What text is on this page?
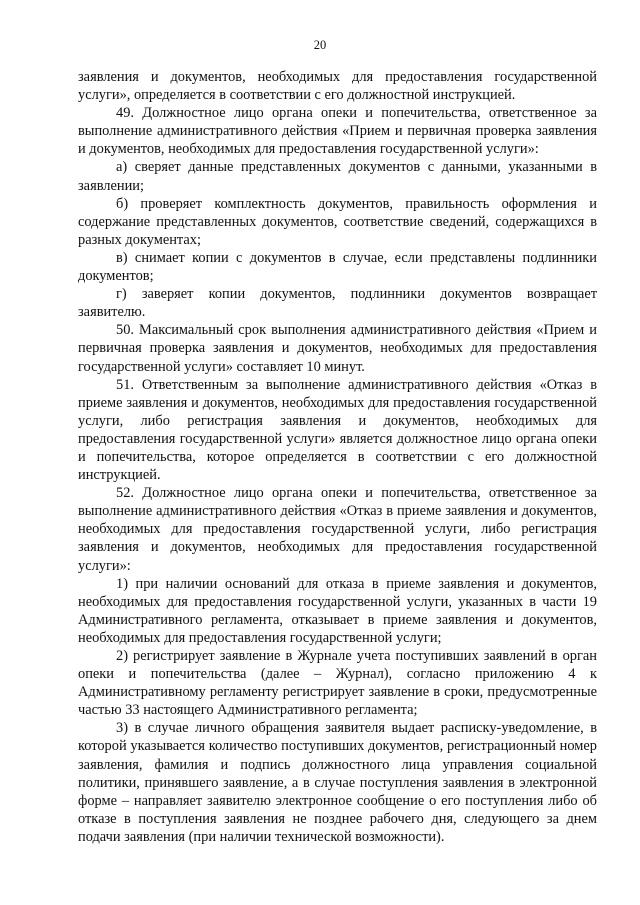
20

заявления и документов, необходимых для предоставления государственной услуги», определяется в соответствии с его должностной инструкцией.

49. Должностное лицо органа опеки и попечительства, ответственное за выполнение административного действия «Прием и первичная проверка заявления и документов, необходимых для предоставления государственной услуги»:

а) сверяет данные представленных документов с данными, указанными в заявлении;

б) проверяет комплектность документов, правильность оформления и содержание представленных документов, соответствие сведений, содержащихся в разных документах;

в) снимает копии с документов в случае, если представлены подлинники документов;

г) заверяет копии документов, подлинники документов возвращает заявителю.

50. Максимальный срок выполнения административного действия «Прием и первичная проверка заявления и документов, необходимых для предоставления государственной услуги» составляет 10 минут.

51. Ответственным за выполнение административного действия «Отказ в приеме заявления и документов, необходимых для предоставления государственной услуги, либо регистрация заявления и документов, необходимых для предоставления государственной услуги» является должностное лицо органа опеки и попечительства, которое определяется в соответствии с его должностной инструкцией.

52. Должностное лицо органа опеки и попечительства, ответственное за выполнение административного действия «Отказ в приеме заявления и документов, необходимых для предоставления государственной услуги, либо регистрация заявления и документов, необходимых для предоставления государственной услуги»:

1) при наличии оснований для отказа в приеме заявления и документов, необходимых для предоставления государственной услуги, указанных в части 19 Административного регламента, отказывает в приеме заявления и документов, необходимых для предоставления государственной услуги;

2) регистрирует заявление в Журнале учета поступивших заявлений в орган опеки и попечительства (далее – Журнал), согласно приложению 4 к Административному регламенту регистрирует заявление в сроки, предусмотренные частью 33 настоящего Административного регламента;

3) в случае личного обращения заявителя выдает расписку-уведомление, в которой указывается количество поступивших документов, регистрационный номер заявления, фамилия и подпись должностного лица управления социальной политики, принявшего заявление, а в случае поступления заявления в электронной форме – направляет заявителю электронное сообщение о его поступления либо об отказе в поступления заявления не позднее рабочего дня, следующего за днем подачи заявления (при наличии технической возможности).
